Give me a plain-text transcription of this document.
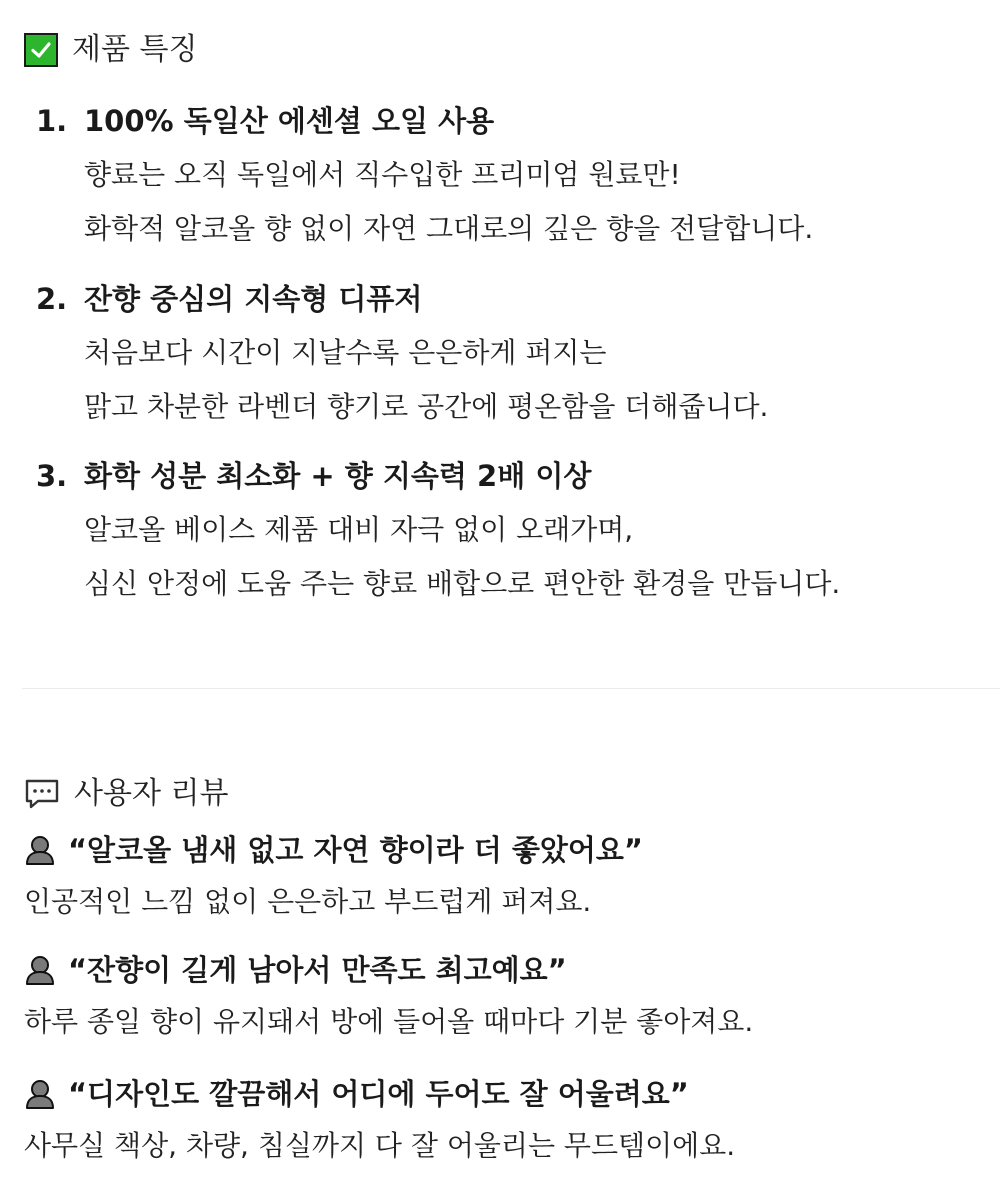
제품 특징
1. 100% 독일산 에센셜 오일 사용
향료는 오직 독일에서 직수입한 프리미엄 원료만!
화학적 알코올 향 없이 자연 그대로의 깊은 향을 전달합니다.
2. 잔향 중심의 지속형 디퓨저
처음보다 시간이 지날수록 은은하게 퍼지는
맑고 차분한 라벤더 향기로 공간에 평온함을 더해줍니다.
3. 화학 성분 최소화 + 향 지속력 2배 이상
알코올 베이스 제품 대비 자극 없이 오래가며,
심신 안정에 도움 주는 향료 배합으로 편안한 환경을 만듭니다.
사용자 리뷰
“알코올 냄새 없고 자연 향이라 더 좋았어요”
인공적인 느낌 없이 은은하고 부드럽게 퍼져요.
“잔향이 길게 남아서 만족도 최고예요”
하루 종일 향이 유지돼서 방에 들어올 때마다 기분 좋아져요.
“디자인도 깔끔해서 어디에 두어도 잘 어울려요”
사무실 책상, 차량, 침실까지 다 잘 어울리는 무드템이에요.
